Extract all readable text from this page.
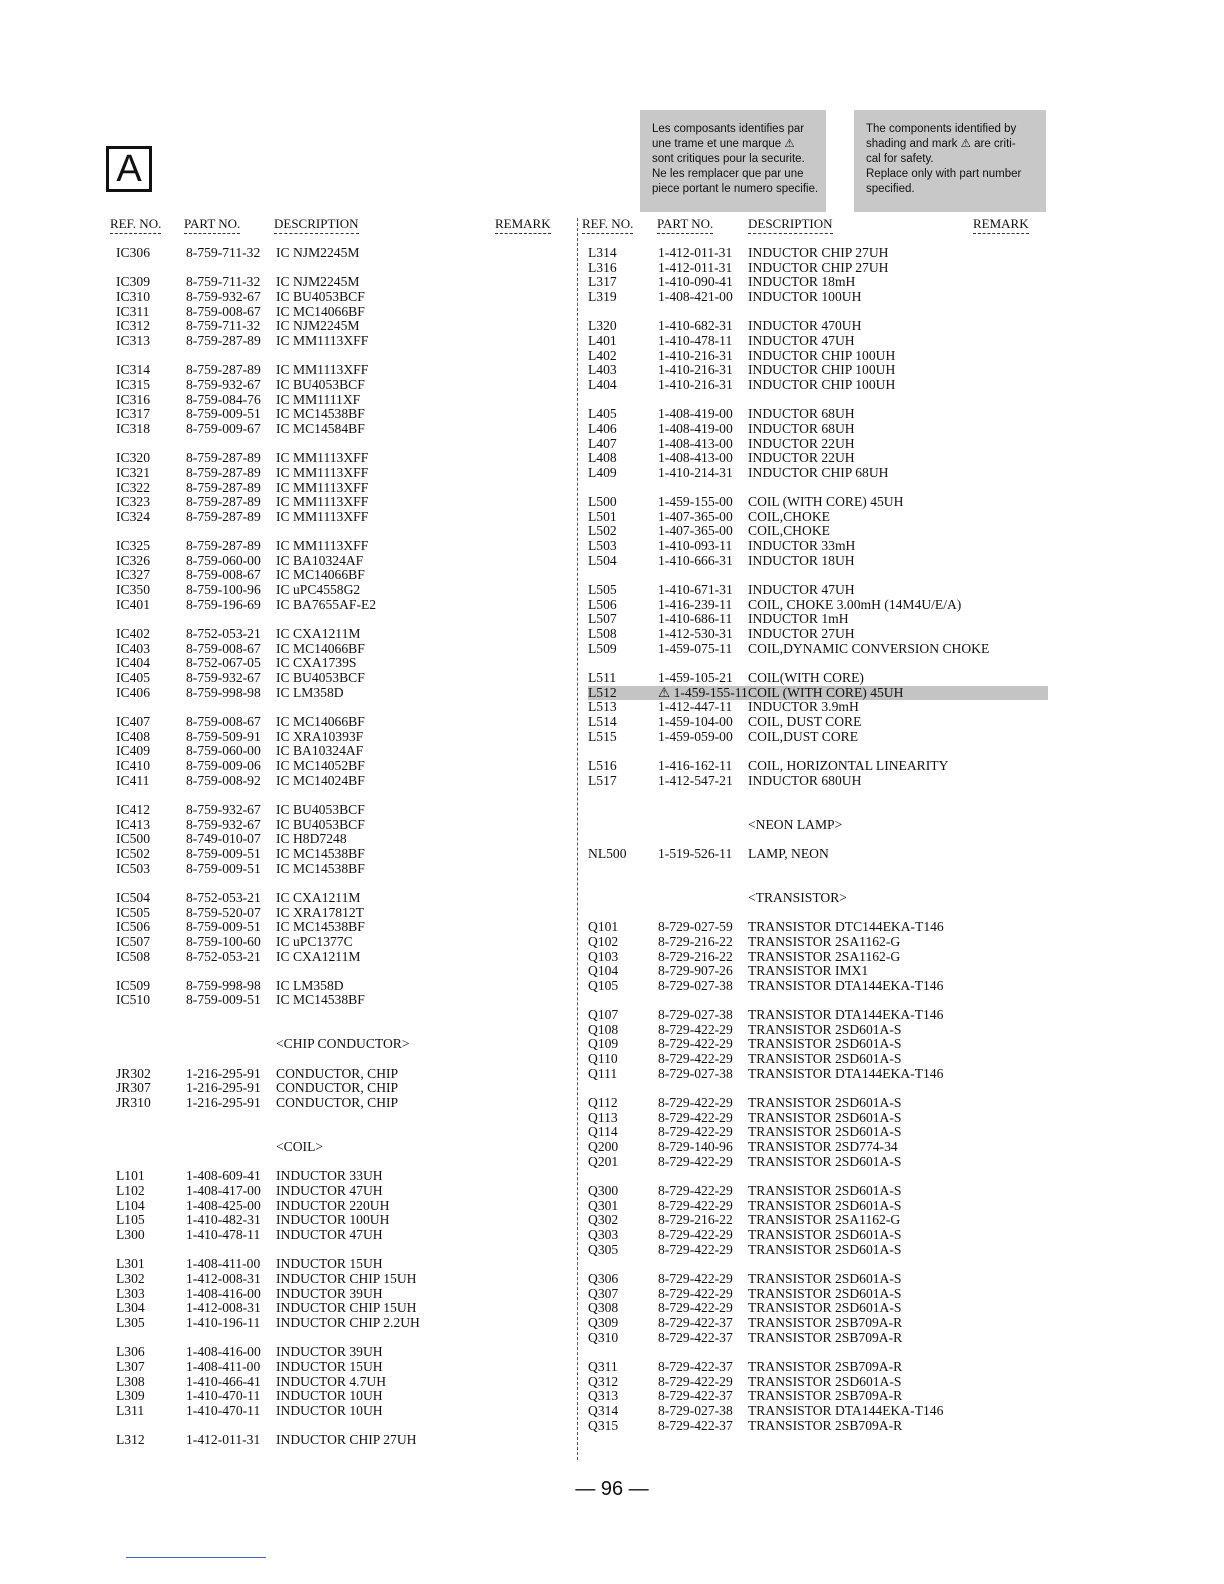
A
Les composants identifies par
une trame et une marque ⚠
sont critiques pour la securite.
Ne les remplacer que par une
piece portant le numero specifie.
The components identified by
shading and mark ⚠ are criti-
cal for safety.
Replace only with part number
specified.
REF. NO. PART NO.	DESCRIPTION	REMARK REF. NO. PART NO.	DESCRIPTION	REMARK
IC306	8-759-711-32 IC NJM2245M
IC309	8-759-711-32 IC NJM2245M
IC310	8-759-932-67 IC BU4053BCF
IC311	8-759-008-67 IC MC14066BF
IC312	8-759-711-32 IC NJM2245M
IC313	8-759-287-89 IC MM1113XFF
IC314	8-759-287-89 IC MM1113XFF
IC315	8-759-932-67 IC BU4053BCF
IC316	8-759-084-76 IC MM1111XF
IC317	8-759-009-51 IC MC14538BF
IC318	8-759-009-67 IC MC14584BF
IC320	8-759-287-89 IC MM1113XFF
IC321	8-759-287-89 IC MM1113XFF
IC322	8-759-287-89 IC MM1113XFF
IC323	8-759-287-89 IC MM1113XFF
IC324	8-759-287-89 IC MM1113XFF
IC325	8-759-287-89 IC MM1113XFF
IC326	8-759-060-00 IC BA10324AF
IC327	8-759-008-67 IC MC14066BF
IC350	8-759-100-96 IC uPC4558G2
IC401	8-759-196-69 IC BA7655AF-E2
IC402	8-752-053-21 IC CXA1211M
IC403	8-759-008-67 IC MC14066BF
IC404	8-752-067-05 IC CXA1739S
IC405	8-759-932-67 IC BU4053BCF
IC406	8-759-998-98 IC LM358D
IC407	8-759-008-67 IC MC14066BF
IC408	8-759-509-91 IC XRA10393F
IC409	8-759-060-00 IC BA10324AF
IC410	8-759-009-06 IC MC14052BF
IC411	8-759-008-92 IC MC14024BF
IC412	8-759-932-67 IC BU4053BCF
IC413	8-759-932-67 IC BU4053BCF
IC500	8-749-010-07 IC H8D7248
IC502	8-759-009-51 IC MC14538BF
IC503	8-759-009-51 IC MC14538BF
IC504	8-752-053-21 IC CXA1211M
IC505	8-759-520-07 IC XRA17812T
IC506	8-759-009-51 IC MC14538BF
IC507	8-759-100-60 IC uPC1377C
IC508	8-752-053-21 IC CXA1211M
IC509	8-759-998-98 IC LM358D
IC510	8-759-009-51 IC MC14538BF
<CHIP CONDUCTOR>
JR302	1-216-295-91 CONDUCTOR, CHIP
JR307	1-216-295-91 CONDUCTOR, CHIP
JR310	1-216-295-91 CONDUCTOR, CHIP
<COIL>
L101	1-408-609-41 INDUCTOR 33UH
L102	1-408-417-00 INDUCTOR 47UH
L104	1-408-425-00 INDUCTOR 220UH
L105	1-410-482-31 INDUCTOR 100UH
L300	1-410-478-11 INDUCTOR 47UH
L301	1-408-411-00 INDUCTOR 15UH
L302	1-412-008-31 INDUCTOR CHIP 15UH
L303	1-408-416-00 INDUCTOR 39UH
L304	1-412-008-31 INDUCTOR CHIP 15UH
L305	1-410-196-11 INDUCTOR CHIP 2.2UH
L306	1-408-416-00 INDUCTOR 39UH
L307	1-408-411-00 INDUCTOR 15UH
L308	1-410-466-41 INDUCTOR 4.7UH
L309	1-410-470-11 INDUCTOR 10UH
L311	1-410-470-11 INDUCTOR 10UH
L312	1-412-011-31 INDUCTOR CHIP 27UH
L314	1-412-011-31 INDUCTOR CHIP 27UH
L316	1-412-011-31 INDUCTOR CHIP 27UH
L317	1-410-090-41 INDUCTOR 18mH
L319	1-408-421-00 INDUCTOR 100UH
L320	1-410-682-31 INDUCTOR 470UH
L401	1-410-478-11 INDUCTOR 47UH
L402	1-410-216-31 INDUCTOR CHIP 100UH
L403	1-410-216-31 INDUCTOR CHIP 100UH
L404	1-410-216-31 INDUCTOR CHIP 100UH
L405	1-408-419-00 INDUCTOR 68UH
L406	1-408-419-00 INDUCTOR 68UH
L407	1-408-413-00 INDUCTOR 22UH
L408	1-408-413-00 INDUCTOR 22UH
L409	1-410-214-31 INDUCTOR CHIP 68UH
L500	1-459-155-00 COIL (WITH CORE) 45UH
L501	1-407-365-00 COIL,CHOKE
L502	1-407-365-00 COIL,CHOKE
L503	1-410-093-11 INDUCTOR 33mH
L504	1-410-666-31 INDUCTOR 18UH
L505	1-410-671-31 INDUCTOR 47UH
L506	1-416-239-11 COIL, CHOKE 3.00mH (14M4U/E/A)
L507	1-410-686-11 INDUCTOR 1mH
L508	1-412-530-31 INDUCTOR 27UH
L509	1-459-075-11 COIL,DYNAMIC CONVERSION CHOKE
L511	1-459-105-21 COIL(WITH CORE)
L512	⚠ 1-459-155-11 COIL (WITH CORE) 45UH
L513	1-412-447-11 INDUCTOR 3.9mH
L514	1-459-104-00 COIL, DUST CORE
L515	1-459-059-00 COIL,DUST CORE
L516	1-416-162-11 COIL, HORIZONTAL LINEARITY
L517	1-412-547-21 INDUCTOR 680UH
<NEON LAMP>
NL500 1-519-526-11 LAMP, NEON
<TRANSISTOR>
Q101	8-729-027-59 TRANSISTOR DTC144EKA-T146
Q102	8-729-216-22 TRANSISTOR 2SA1162-G
Q103	8-729-216-22 TRANSISTOR 2SA1162-G
Q104	8-729-907-26 TRANSISTOR IMX1
Q105	8-729-027-38 TRANSISTOR DTA144EKA-T146
Q107	8-729-027-38 TRANSISTOR DTA144EKA-T146
Q108	8-729-422-29 TRANSISTOR 2SD601A-S
Q109	8-729-422-29 TRANSISTOR 2SD601A-S
Q110	8-729-422-29 TRANSISTOR 2SD601A-S
Q111	8-729-027-38 TRANSISTOR DTA144EKA-T146
Q112	8-729-422-29 TRANSISTOR 2SD601A-S
Q113	8-729-422-29 TRANSISTOR 2SD601A-S
Q114	8-729-422-29 TRANSISTOR 2SD601A-S
Q200	8-729-140-96 TRANSISTOR 2SD774-34
Q201	8-729-422-29 TRANSISTOR 2SD601A-S
Q300	8-729-422-29 TRANSISTOR 2SD601A-S
Q301	8-729-422-29 TRANSISTOR 2SD601A-S
Q302	8-729-216-22 TRANSISTOR 2SA1162-G
Q303	8-729-422-29 TRANSISTOR 2SD601A-S
Q305	8-729-422-29 TRANSISTOR 2SD601A-S
Q306	8-729-422-29 TRANSISTOR 2SD601A-S
Q307	8-729-422-29 TRANSISTOR 2SD601A-S
Q308	8-729-422-29 TRANSISTOR 2SD601A-S
Q309	8-729-422-37 TRANSISTOR 2SB709A-R
Q310	8-729-422-37 TRANSISTOR 2SB709A-R
Q311	8-729-422-37 TRANSISTOR 2SB709A-R
Q312	8-729-422-29 TRANSISTOR 2SD601A-S
Q313	8-729-422-37 TRANSISTOR 2SB709A-R
Q314	8-729-027-38 TRANSISTOR DTA144EKA-T146
Q315	8-729-422-37 TRANSISTOR 2SB709A-R
— 96 —
